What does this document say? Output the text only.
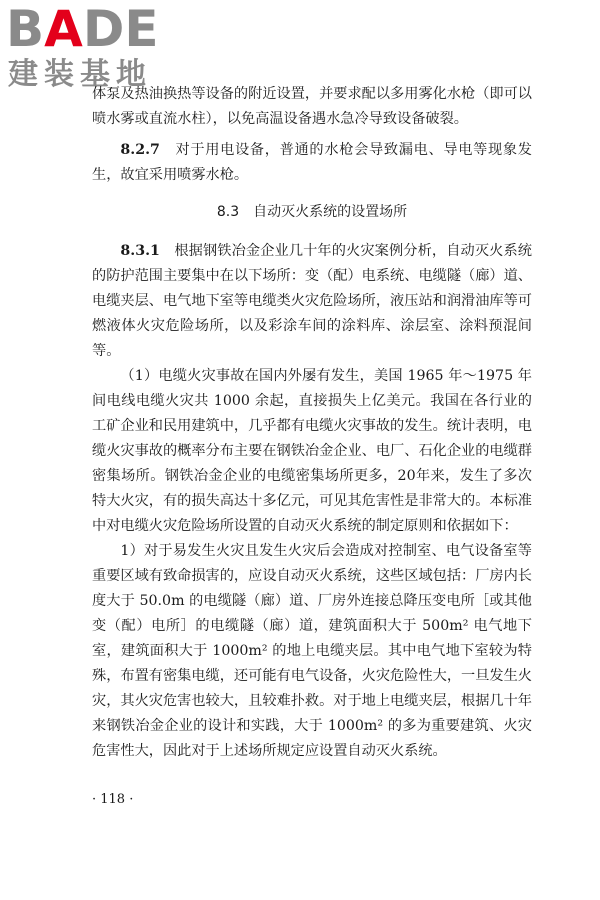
BADE
建装基地

体泵及热油换热等设备的附近设置，并要求配以多用雾化水枪（即可以喷水雾或直流水柱），以免高温设备遇水急冷导致设备破裂。

8.2.7　 对于用电设备，普通的水枪会导致漏电、导电等现象发生，故宜采用喷雾水枪。

8.3　自动灭火系统的设置场所

8.3.1　 根据钢铁冶金企业几十年的火灾案例分析，自动灭火系统的防护范围主要集中在以下场所：变（配）电系统、电缆隧（廊）道、电缆夹层、电气地下室等电缆类火灾危险场所，液压站和润滑油库等可燃液体火灾危险场所，以及彩涂车间的涂料库、涂层室、涂料预混间等。

（1）电缆火灾事故在国内外屡有发生，美国 1965 年～1975 年间电线电缆火灾共 1000 余起，直接损失上亿美元。我国在各行业的工矿企业和民用建筑中，几乎都有电缆火灾事故的发生。统计表明，电缆火灾事故的概率分布主要在钢铁冶金企业、电厂、石化企业的电缆群密集场所。钢铁冶金企业的电缆密集场所更多，20年来，发生了多次特大火灾，有的损失高达十多亿元，可见其危害性是非常大的。本标准中对电缆火灾危险场所设置的自动灭火系统的制定原则和依据如下：

1）对于易发生火灾且发生火灾后会造成对控制室、电气设备室等重要区域有致命损害的，应设自动灭火系统，这些区域包括：厂房内长度大于 50.0m 的电缆隧（廊）道、厂房外连接总降压变电所［或其他变（配）电所］的电缆隧（廊）道，建筑面积大于 500m² 电气地下室，建筑面积大于 1000m² 的地上电缆夹层。其中电气地下室较为特殊，布置有密集电缆，还可能有电气设备，火灾危险性大，一旦发生火灾，其火灾危害也较大，且较难扑救。对于地上电缆夹层，根据几十年来钢铁冶金企业的设计和实践，大于 1000m² 的多为重要建筑、火灾危害性大，因此对于上述场所规定应设置自动灭火系统。

· 118 ·
